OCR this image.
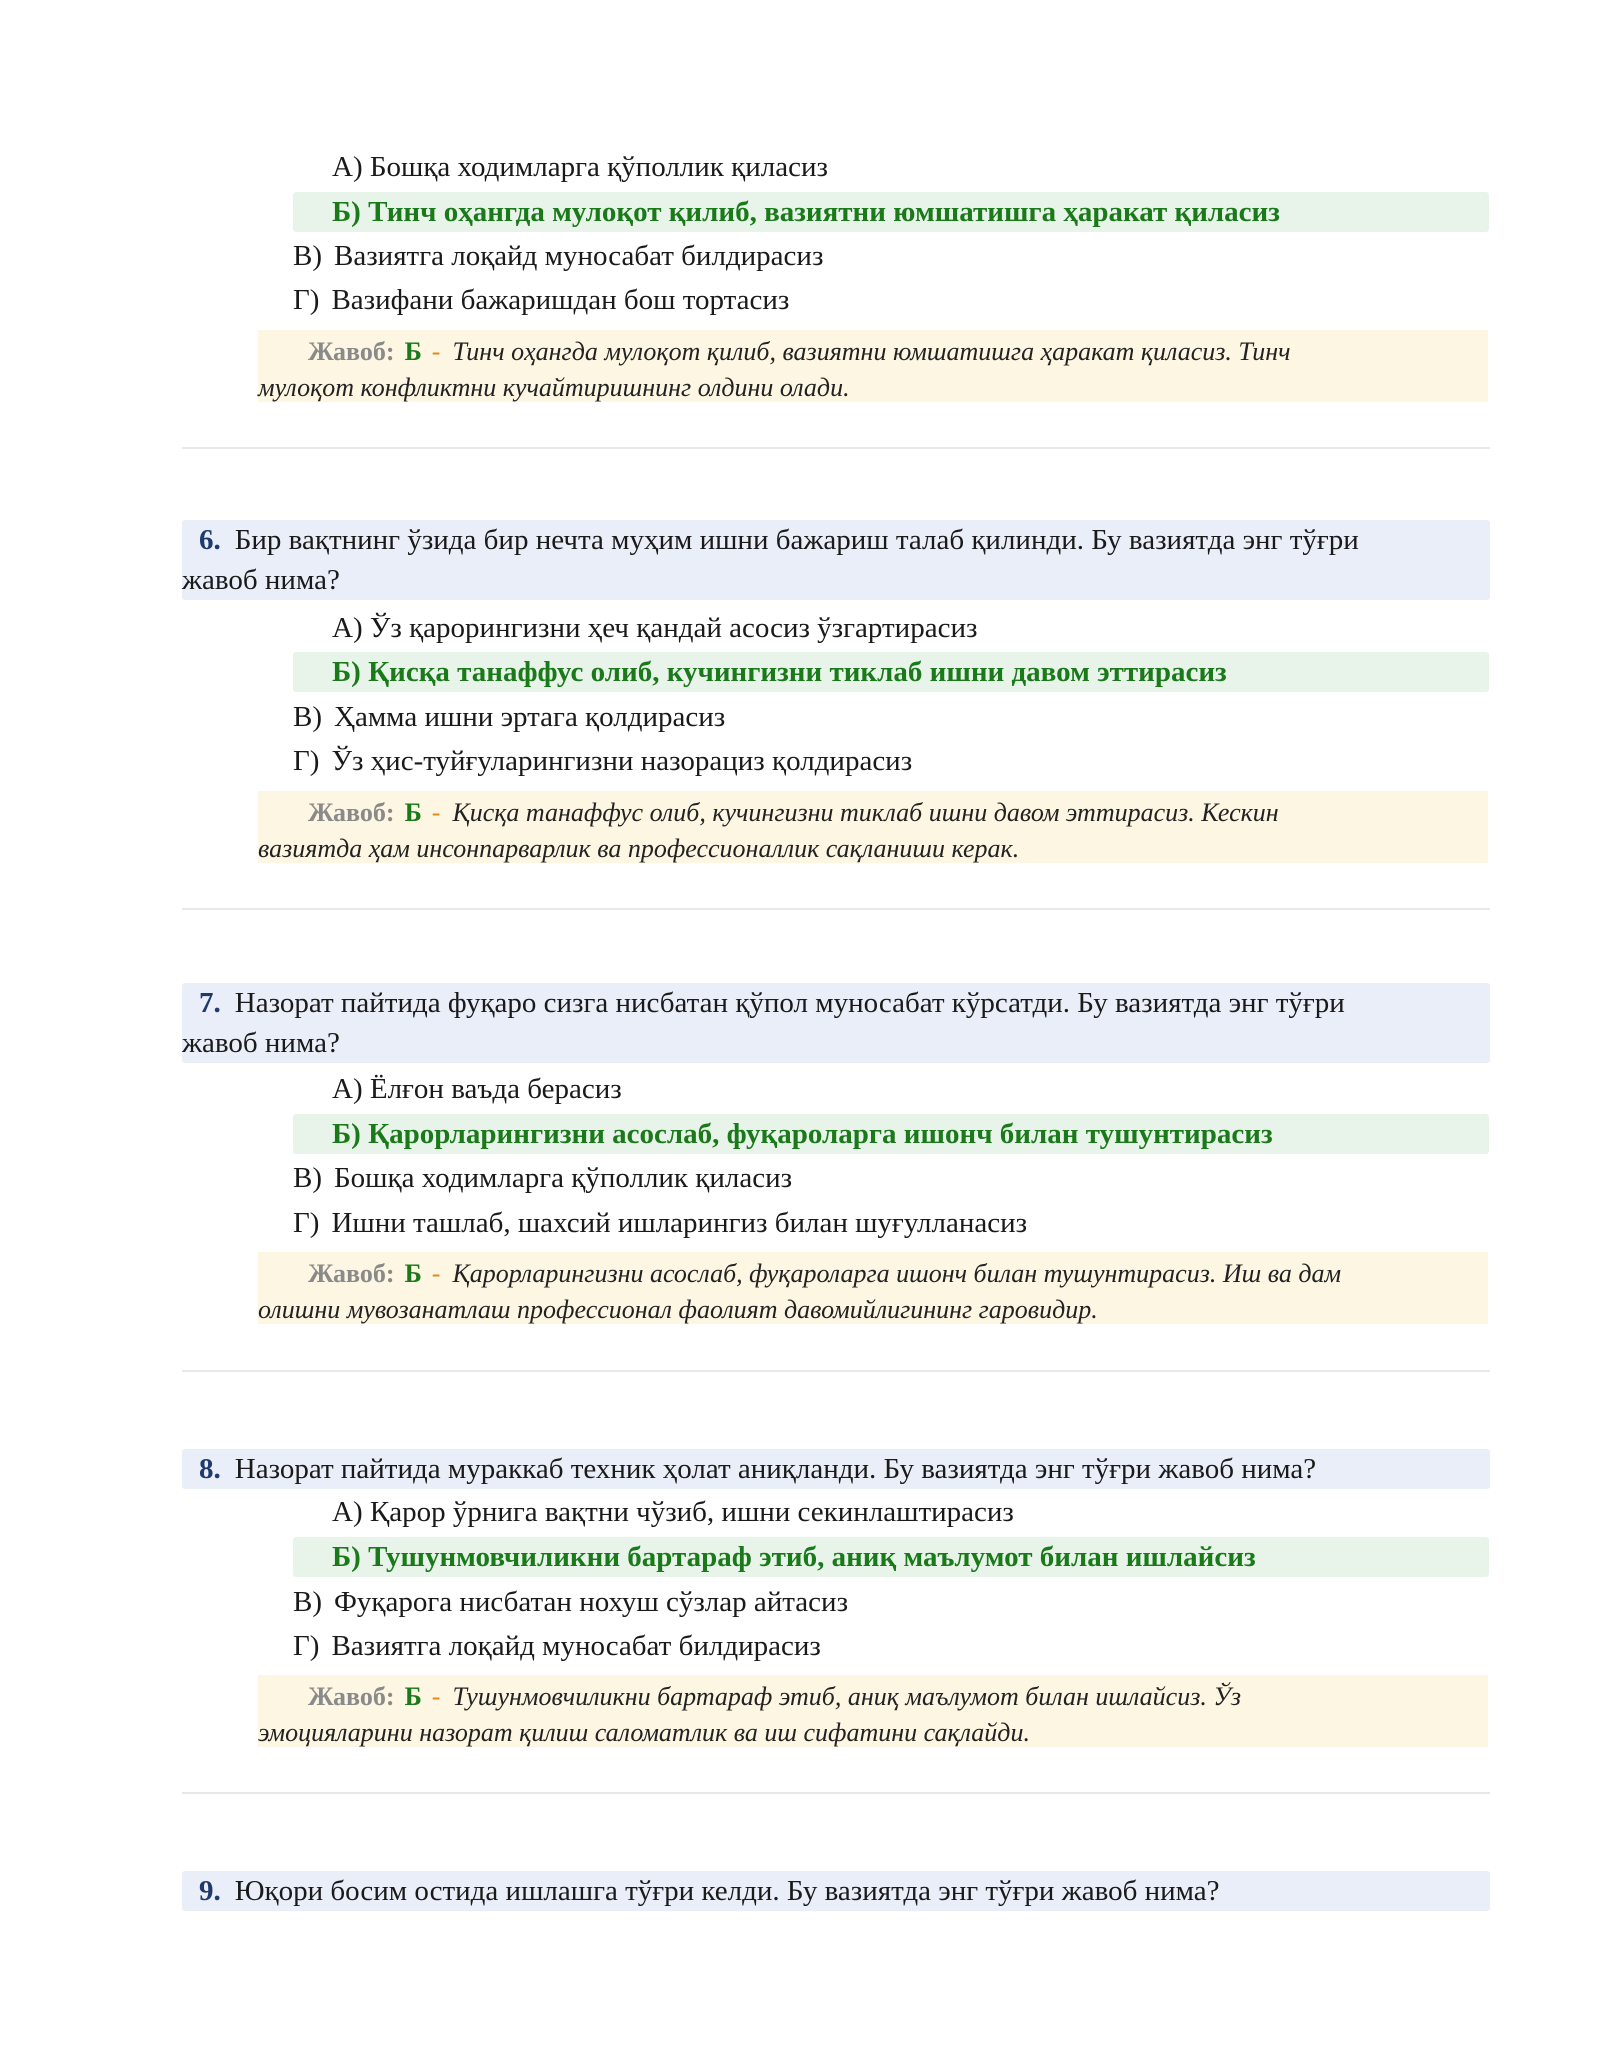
А) Бошқа ходимларга қўполлик қиласиз
Б) Тинч оҳангда мулоқот қилиб, вазиятни юмшатишга ҳаракат қиласиз
В) Вазиятга лоқайд муносабат билдирасиз
Г) Вазифани бажаришдан бош тортасиз
Жавоб: Б - Тинч оҳангда мулоқот қилиб, вазиятни юмшатишга ҳаракат қиласиз. Тинч
мулоқот конфликтни кучайтиришнинг олдини олади.
6. Бир вақтнинг ўзида бир нечта муҳим ишни бажариш талаб қилинди. Бу вазиятда энг тўғри
жавоб нима?
А) Ўз қарорингизни ҳеч қандай асосиз ўзгартирасиз
Б) Қисқа танаффус олиб, кучингизни тиклаб ишни давом эттирасиз
В) Ҳамма ишни эртага қолдирасиз
Г) Ўз ҳис-туйғуларингизни назорациз қолдирасиз
Жавоб: Б - Қисқа танаффус олиб, кучингизни тиклаб ишни давом эттирасиз. Кескин
вазиятда ҳам инсонпарварлик ва профессионаллик сақланиши керак.
7. Назорат пайтида фуқаро сизга нисбатан қўпол муносабат кўрсатди. Бу вазиятда энг тўғри
жавоб нима?
А) Ёлғон ваъда берасиз
Б) Қарорларингизни асослаб, фуқароларга ишонч билан тушунтирасиз
В) Бошқа ходимларга қўполлик қиласиз
Г) Ишни ташлаб, шахсий ишларингиз билан шуғулланасиз
Жавоб: Б - Қарорларингизни асослаб, фуқароларга ишонч билан тушунтирасиз. Иш ва дам
олишни мувозанатлаш профессионал фаолият давомийлигининг гаровидир.
8. Назорат пайтида мураккаб техник ҳолат аниқланди. Бу вазиятда энг тўғри жавоб нима?
А) Қарор ўрнига вақтни чўзиб, ишни секинлаштирасиз
Б) Тушунмовчиликни бартараф этиб, аниқ маълумот билан ишлайсиз
В) Фуқарога нисбатан нохуш сўзлар айтасиз
Г) Вазиятга лоқайд муносабат билдирасиз
Жавоб: Б - Тушунмовчиликни бартараф этиб, аниқ маълумот билан ишлайсиз. Ўз
эмоцияларини назорат қилиш саломатлик ва иш сифатини сақлайди.
9. Юқори босим остида ишлашга тўғри келди. Бу вазиятда энг тўғри жавоб нима?
